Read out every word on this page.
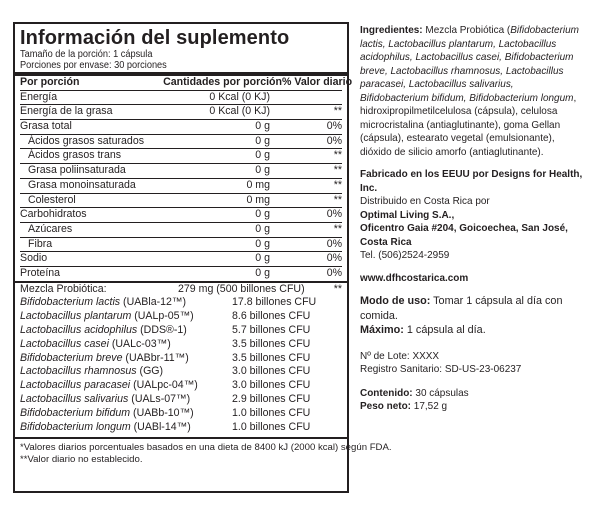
Información del suplemento
Tamaño de la porción: 1 cápsula
Porciones por envase: 30 porciones
Por porción	Cantidades por porción % Valor diario
Energía	0 Kcal (0 KJ)
Energía de la grasa	0 Kcal (0 KJ)	**
Grasa total	0 g	0%
Ácidos grasos saturados	0 g	0%
Ácidos grasos trans	0 g	**
Grasa poliinsaturada	0 g	**
Grasa monoinsaturada	0 mg	**
Colesterol	0 mg	**
Carbohidratos	0 g	0%
Azúcares	0 g	**
Fibra	0 g	0%
Sodio	0 g	0%
Proteína	0 g	0%
Mezcla Probiótica:	279 mg (500 billones CFU)	**
Bifidobacterium lactis (UABla-12™)	17.8 billones CFU
Lactobacillus plantarum (UALp-05™)	8.6 billones CFU
Lactobacillus acidophilus (DDS®-1)	5.7 billones CFU
Lactobacillus casei (UALc-03™)	3.5 billones CFU
Bifidobacterium breve (UABbr-11™)	3.5 billones CFU
Lactobacillus rhamnosus (GG)	3.0 billones CFU
Lactobacillus paracasei (UALpc-04™)	3.0 billones CFU
Lactobacillus salivarius (UALs-07™)	2.9 billones CFU
Bifidobacterium bifidum (UABb-10™)	1.0 billones CFU
Bifidobacterium longum (UABl-14™)	1.0 billones CFU
*Valores diarios porcentuales basados en una dieta de 8400 kJ (2000 kcal) según FDA.
**Valor diario no establecido.

Ingredientes: Mezcla Probiótica (Bifidobacterium lactis, Lactobacillus plantarum, Lactobacillus acidophilus, Lactobacillus casei, Bifidobacterium breve, Lactobacillus rhamnosus, Lactobacillus paracasei, Lactobacillus salivarius, Bifidobacterium bifidum, Bifidobacterium longum, hidroxipropilmetilcelulosa (cápsula), celulosa microcristalina (antiaglutinante), goma Gellan (cápsula), estearato vegetal (emulsionante), dióxido de silicio amorfo (antiaglutinante).

Fabricado en los EEUU por Designs for Health, Inc.

Distribuido en Costa Rica por

Optimal Living S.A.,

Oficentro Gaia #204, Goicoechea, San José, Costa Rica

Tel. (506)2524-2959

www.dfhcostarica.com

Modo de uso: Tomar 1 cápsula al día con comida.

Máximo: 1 cápsula al día.

Nº de Lote: XXXX

Registro Sanitario: SD-US-23-06237

Contenido: 30 cápsulas

Peso neto: 17,52 g
